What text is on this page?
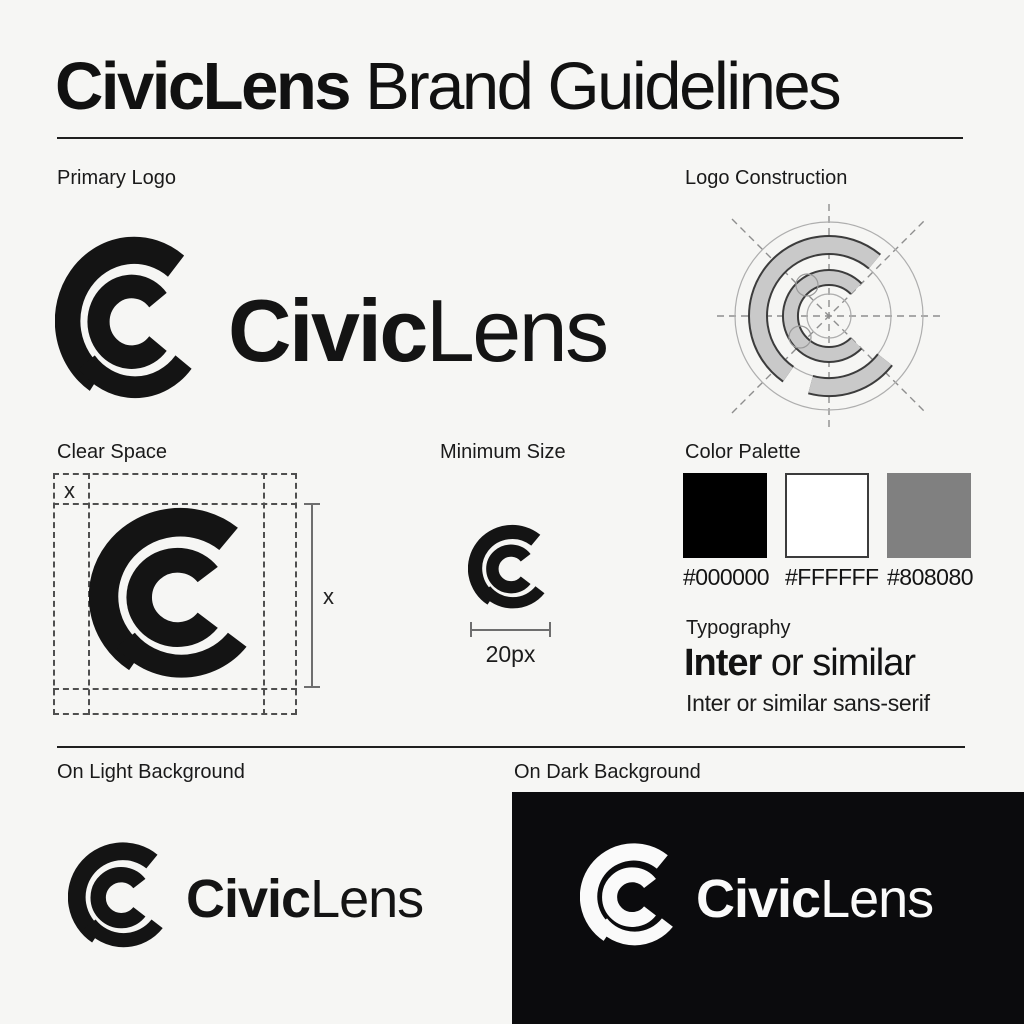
CivicLens Brand Guidelines
Primary Logo	Logo Construction
CivicLens
Clear Space	Minimum Size	Color Palette
x
x
20px
#000000 #FFFFFF #808080
Typography
Inter or similar
Inter or similar sans-serif
On Light Background	On Dark Background
CivicLens	CivicLens
